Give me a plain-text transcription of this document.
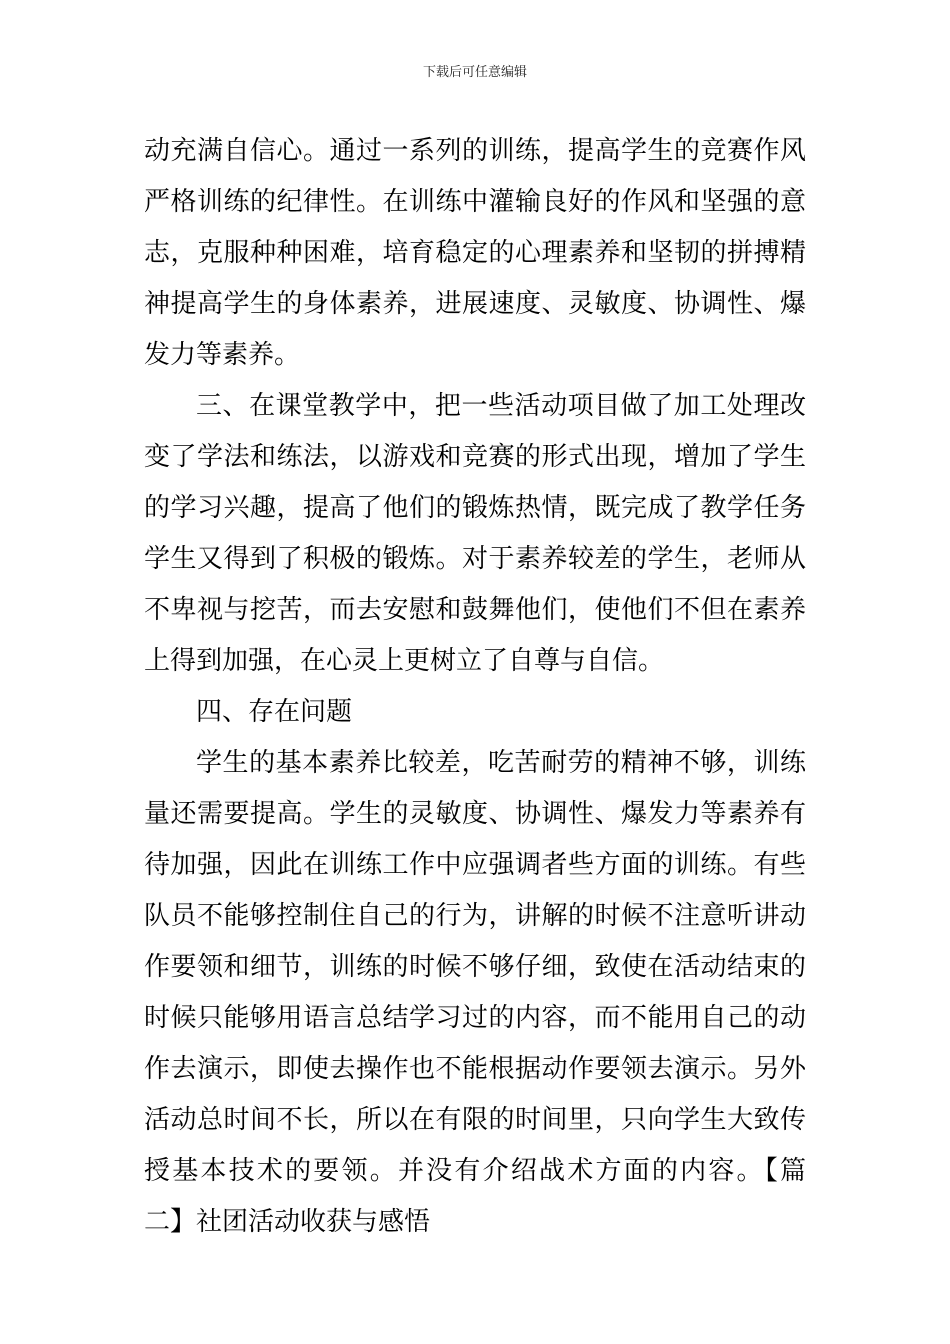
下载后可任意编辑
动充满自信心。通过一系列的训练，提高学生的竞赛作风
严格训练的纪律性。在训练中灌输良好的作风和坚强的意
志，克服种种困难，培育稳定的心理素养和坚韧的拼搏精
神提高学生的身体素养，进展速度、灵敏度、协调性、爆
发力等素养。
三、在课堂教学中，把一些活动项目做了加工处理改
变了学法和练法，以游戏和竞赛的形式出现，增加了学生
的学习兴趣，提高了他们的锻炼热情，既完成了教学任务
学生又得到了积极的锻炼。对于素养较差的学生，老师从
不卑视与挖苦，而去安慰和鼓舞他们，使他们不但在素养
上得到加强，在心灵上更树立了自尊与自信。
四、存在问题
学生的基本素养比较差，吃苦耐劳的精神不够，训练
量还需要提高。学生的灵敏度、协调性、爆发力等素养有
待加强，因此在训练工作中应强调者些方面的训练。有些
队员不能够控制住自己的行为，讲解的时候不注意听讲动
作要领和细节，训练的时候不够仔细，致使在活动结束的
时候只能够用语言总结学习过的内容，而不能用自己的动
作去演示，即使去操作也不能根据动作要领去演示。另外
活动总时间不长，所以在有限的时间里，只向学生大致传
授基本技术的要领。并没有介绍战术方面的内容。【篇
二】社团活动收获与感悟
